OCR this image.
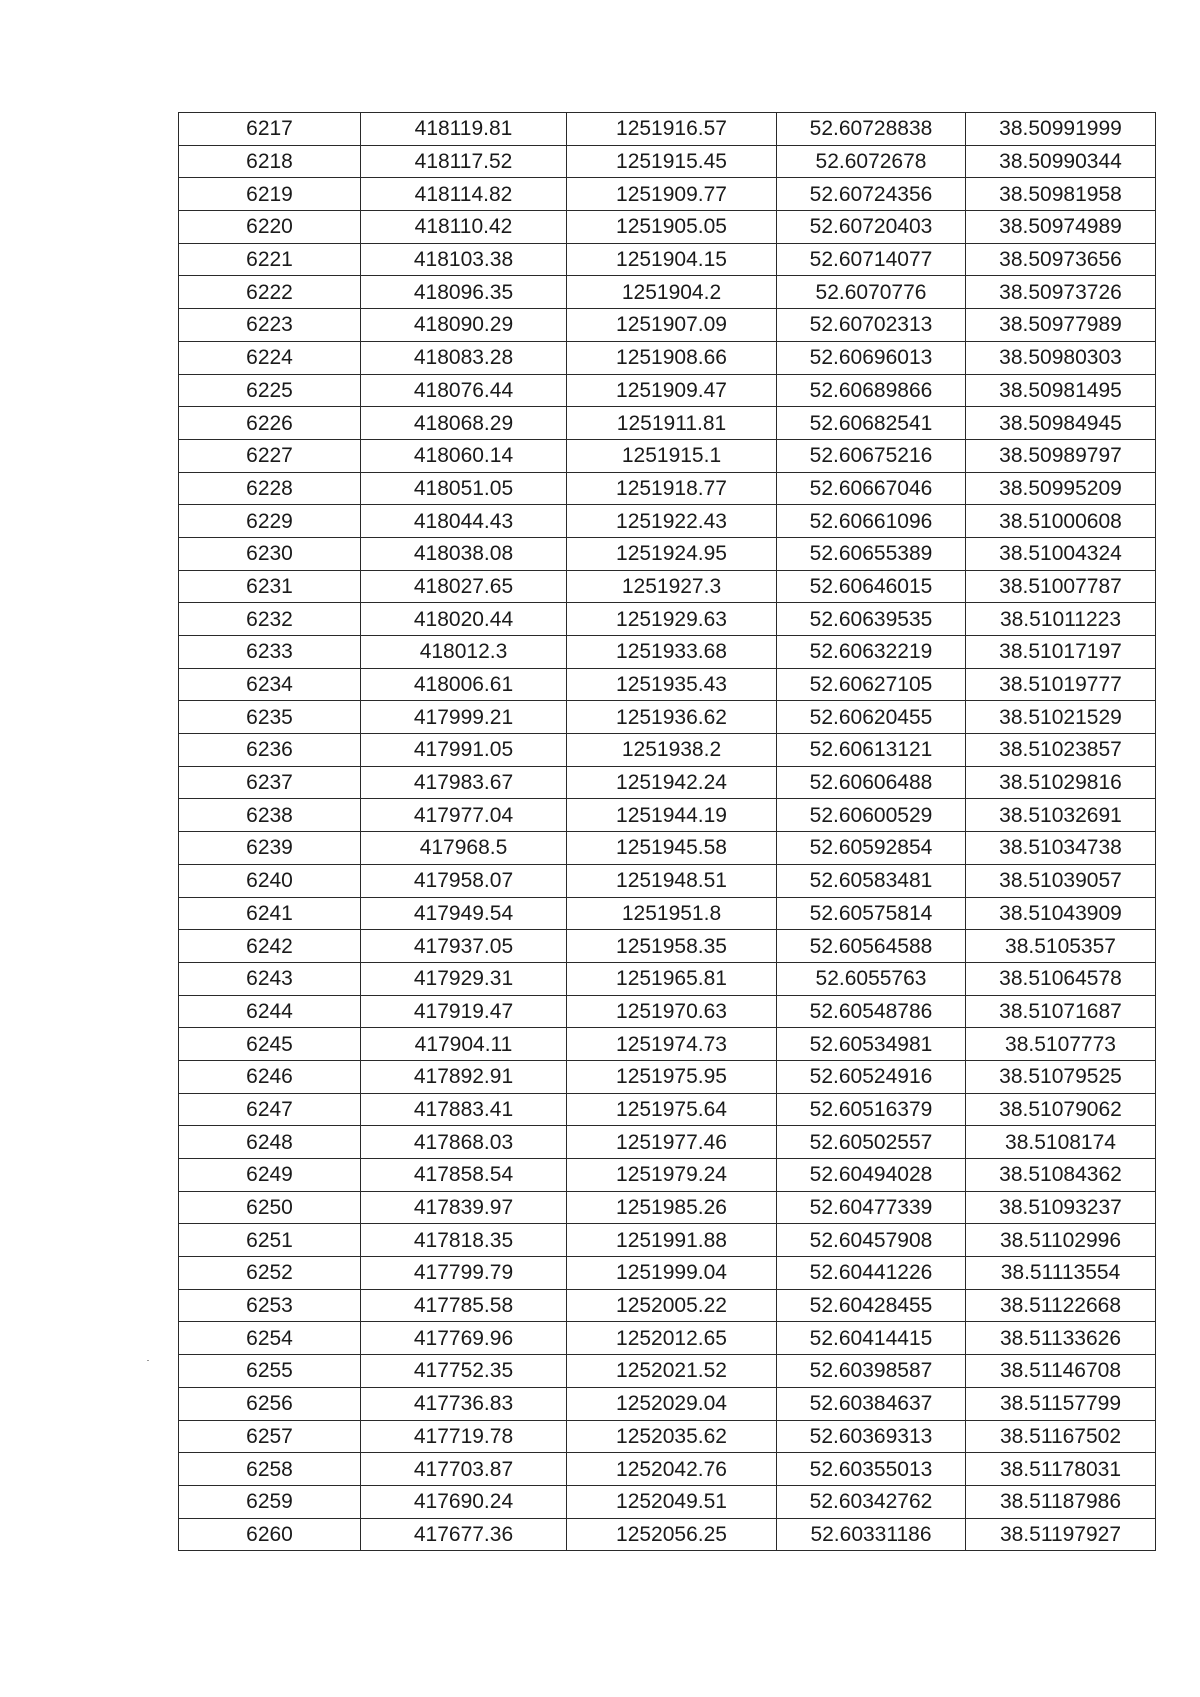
6217	418119.81	1251916.57	52.60728838	38.50991999
6218	418117.52	1251915.45	52.6072678	38.50990344
6219	418114.82	1251909.77	52.60724356	38.50981958
6220	418110.42	1251905.05	52.60720403	38.50974989
6221	418103.38	1251904.15	52.60714077	38.50973656
6222	418096.35	1251904.2	52.6070776	38.50973726
6223	418090.29	1251907.09	52.60702313	38.50977989
6224	418083.28	1251908.66	52.60696013	38.50980303
6225	418076.44	1251909.47	52.60689866	38.50981495
6226	418068.29	1251911.81	52.60682541	38.50984945
6227	418060.14	1251915.1	52.60675216	38.50989797
6228	418051.05	1251918.77	52.60667046	38.50995209
6229	418044.43	1251922.43	52.60661096	38.51000608
6230	418038.08	1251924.95	52.60655389	38.51004324
6231	418027.65	1251927.3	52.60646015	38.51007787
6232	418020.44	1251929.63	52.60639535	38.51011223
6233	418012.3	1251933.68	52.60632219	38.51017197
6234	418006.61	1251935.43	52.60627105	38.51019777
6235	417999.21	1251936.62	52.60620455	38.51021529
6236	417991.05	1251938.2	52.60613121	38.51023857
6237	417983.67	1251942.24	52.60606488	38.51029816
6238	417977.04	1251944.19	52.60600529	38.51032691
6239	417968.5	1251945.58	52.60592854	38.51034738
6240	417958.07	1251948.51	52.60583481	38.51039057
6241	417949.54	1251951.8	52.60575814	38.51043909
6242	417937.05	1251958.35	52.60564588	38.5105357
6243	417929.31	1251965.81	52.6055763	38.51064578
6244	417919.47	1251970.63	52.60548786	38.51071687
6245	417904.11	1251974.73	52.60534981	38.5107773
6246	417892.91	1251975.95	52.60524916	38.51079525
6247	417883.41	1251975.64	52.60516379	38.51079062
6248	417868.03	1251977.46	52.60502557	38.5108174
6249	417858.54	1251979.24	52.60494028	38.51084362
6250	417839.97	1251985.26	52.60477339	38.51093237
6251	417818.35	1251991.88	52.60457908	38.51102996
6252	417799.79	1251999.04	52.60441226	38.51113554
6253	417785.58	1252005.22	52.60428455	38.51122668
6254	417769.96	1252012.65	52.60414415	38.51133626
6255	417752.35	1252021.52	52.60398587	38.51146708
6256	417736.83	1252029.04	52.60384637	38.51157799
6257	417719.78	1252035.62	52.60369313	38.51167502
6258	417703.87	1252042.76	52.60355013	38.51178031
6259	417690.24	1252049.51	52.60342762	38.51187986
6260	417677.36	1252056.25	52.60331186	38.51197927
